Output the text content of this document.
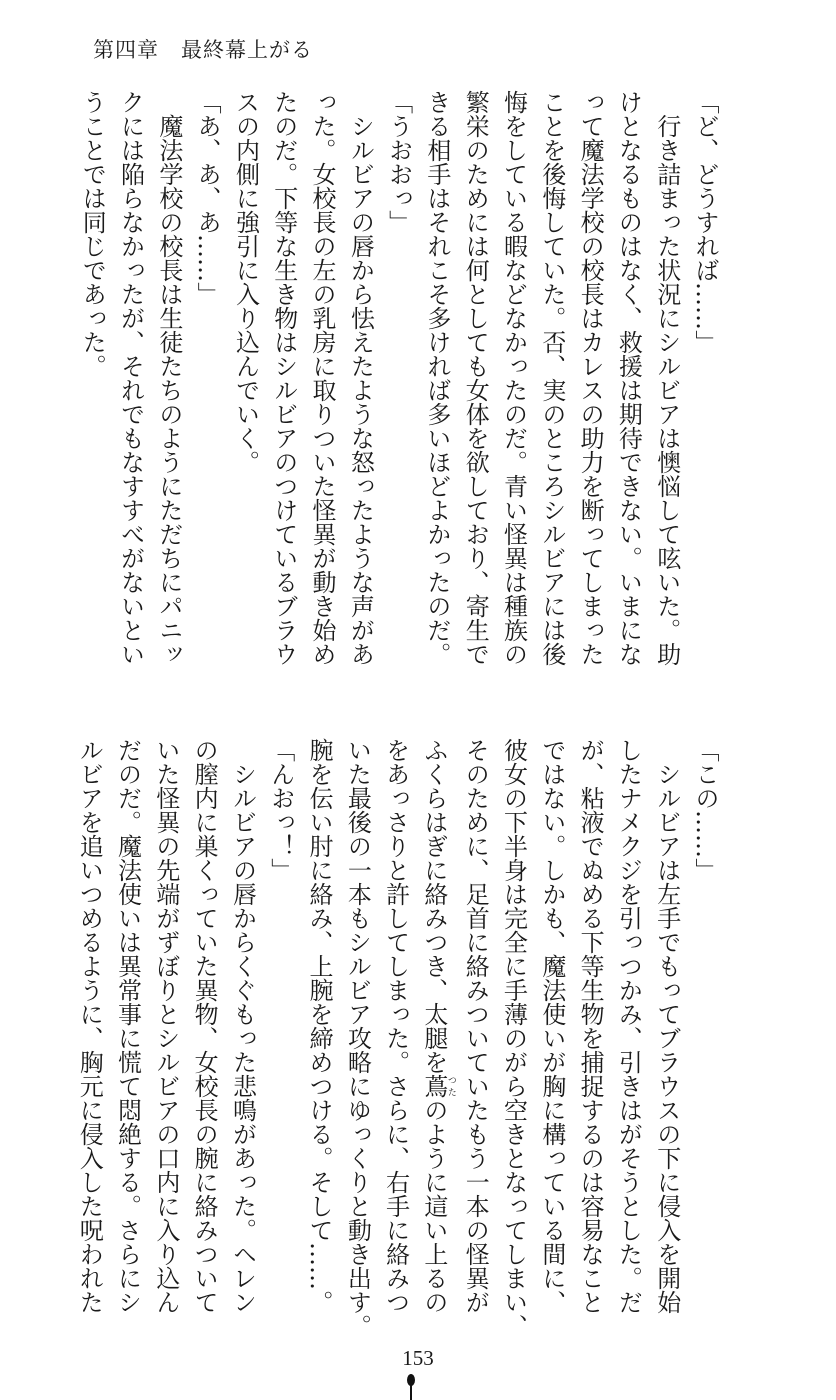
第四章　最終幕上がる
「ど、どうすれば……」
行き詰まった状況にシルビアは懊悩して呟いた。助
けとなるものはなく、救援は期待できない。いまにな
って魔法学校の校長はカレスの助力を断ってしまった
ことを後悔していた。否、実のところシルビアには後
悔をしている暇などなかったのだ。青い怪異は種族の
繁栄のためには何としても女体を欲しており、寄生で
きる相手はそれこそ多ければ多いほどよかったのだ。
「うおおっ」
シルビアの唇から怯えたような怒ったような声があ
った。女校長の左の乳房に取りついた怪異が動き始め
たのだ。下等な生き物はシルビアのつけているブラウ
スの内側に強引に入り込んでいく。
「あ、あ、あ……」
魔法学校の校長は生徒たちのようにただちにパニッ
クには陥らなかったが、それでもなすすべがないとい
うことでは同じであった。
「この……」
シルビアは左手でもってブラウスの下に侵入を開始
したナメクジを引っつかみ、引きはがそうとした。だ
が、粘液でぬめる下等生物を捕捉するのは容易なこと
ではない。しかも、魔法使いが胸に構っている間に、
彼女の下半身は完全に手薄のがら空きとなってしまい、
そのために、足首に絡みついていたもう一本の怪異が
ふくらはぎに絡みつき、太腿を蔦つたのように這い上るの
をあっさりと許してしまった。さらに、右手に絡みつ
いた最後の一本もシルビア攻略にゆっくりと動き出す。
腕を伝い肘に絡み、上腕を締めつける。そして……。
「んおっ！」
シルビアの唇からくぐもった悲鳴があった。ヘレン
の膣内に巣くっていた異物、女校長の腕に絡みついて
いた怪異の先端がずぼりとシルビアの口内に入り込ん
だのだ。魔法使いは異常事に慌て悶絶する。さらにシ
ルビアを追いつめるように、胸元に侵入した呪われた
153
